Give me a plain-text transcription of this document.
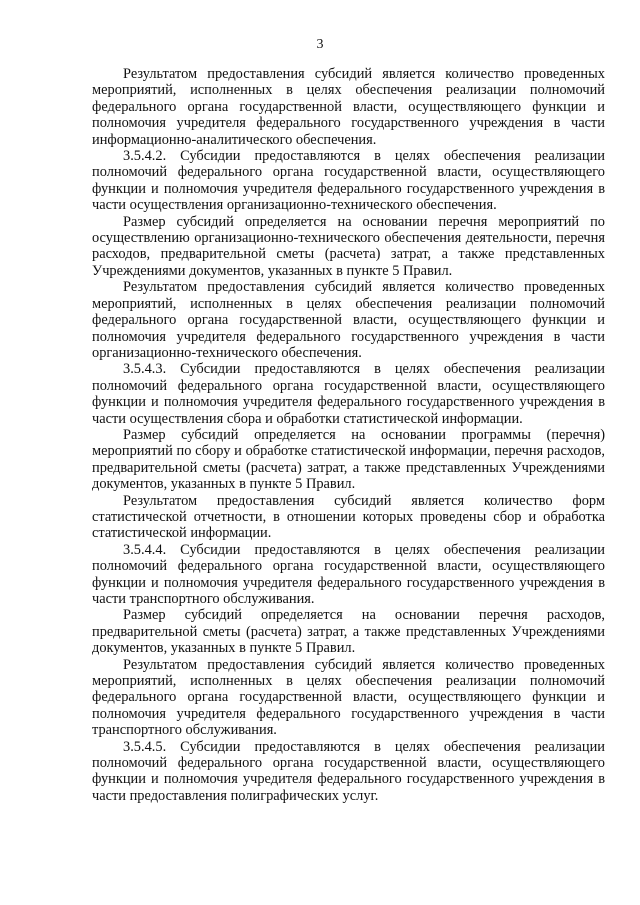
3

Результатом предоставления субсидий является количество проведенных мероприятий, исполненных в целях обеспечения реализации полномочий федерального органа государственной власти, осуществляющего функции и полномочия учредителя федерального государственного учреждения в части информационно-аналитического обеспечения.

3.5.4.2. Субсидии предоставляются в целях обеспечения реализации полномочий федерального органа государственной власти, осуществляющего функции и полномочия учредителя федерального государственного учреждения в части осуществления организационно-технического обеспечения.

Размер субсидий определяется на основании перечня мероприятий по осуществлению организационно-технического обеспечения деятельности, перечня расходов, предварительной сметы (расчета) затрат, а также представленных Учреждениями документов, указанных в пункте 5 Правил.

Результатом предоставления субсидий является количество проведенных мероприятий, исполненных в целях обеспечения реализации полномочий федерального органа государственной власти, осуществляющего функции и полномочия учредителя федерального государственного учреждения в части организационно-технического обеспечения.

3.5.4.3. Субсидии предоставляются в целях обеспечения реализации полномочий федерального органа государственной власти, осуществляющего функции и полномочия учредителя федерального государственного учреждения в части осуществления сбора и обработки статистической информации.

Размер субсидий определяется на основании программы (перечня) мероприятий по сбору и обработке статистической информации, перечня расходов, предварительной сметы (расчета) затрат, а также представленных Учреждениями документов, указанных в пункте 5 Правил.

Результатом предоставления субсидий является количество форм статистической отчетности, в отношении которых проведены сбор и обработка статистической информации.

3.5.4.4. Субсидии предоставляются в целях обеспечения реализации полномочий федерального органа государственной власти, осуществляющего функции и полномочия учредителя федерального государственного учреждения в части транспортного обслуживания.

Размер субсидий определяется на основании перечня расходов, предварительной сметы (расчета) затрат, а также представленных Учреждениями документов, указанных в пункте 5 Правил.

Результатом предоставления субсидий является количество проведенных мероприятий, исполненных в целях обеспечения реализации полномочий федерального органа государственной власти, осуществляющего функции и полномочия учредителя федерального государственного учреждения в части транспортного обслуживания.

3.5.4.5. Субсидии предоставляются в целях обеспечения реализации полномочий федерального органа государственной власти, осуществляющего функции и полномочия учредителя федерального государственного учреждения в части предоставления полиграфических услуг.
